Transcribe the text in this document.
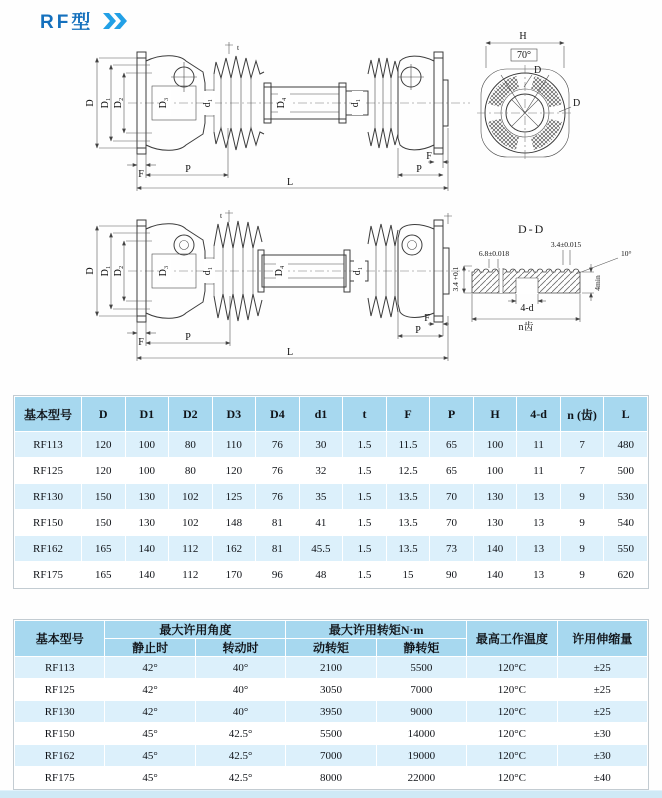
RF型
t
D D₁ D₂	D₃	d₁	D₄	d₁
F	P	P
F
L
H
70°
D
D
t
D D₁ D₂	D₃	d₁	D₄	d₁
F	P
P
F
L
D-D
6.8±0.018
3.4±0.015
10°
4min
3.4 +0.1
4-d
n齿
基本型号	D	D1	D2	D3	D4	d1	t	F	P	H	4-d	n (齿)	L
RF113	120	100	80	110	76	30	1.5	11.5	65	100	11	7	480
RF125	120	100	80	120	76	32	1.5	12.5	65	100	11	7	500
RF130	150	130	102	125	76	35	1.5	13.5	70	130	13	9	530
RF150	150	130	102	148	81	41	1.5	13.5	70	130	13	9	540
RF162	165	140	112	162	81	45.5	1.5	13.5	73	140	13	9	550
RF175	165	140	112	170	96	48	1.5	15	90	140	13	9	620
基本型号	最大许用角度		最大许用转矩N·m		最高工作温度	许用伸缩量
	静止时	转动时	动转矩	静转矩		
RF113	42°	40°	2100	5500	120°C	±25
RF125	42°	40°	3050	7000	120°C	±25
RF130	42°	40°	3950	9000	120°C	±25
RF150	45°	42.5°	5500	14000	120°C	±30
RF162	45°	42.5°	7000	19000	120°C	±30
RF175	45°	42.5°	8000	22000	120°C	±40
